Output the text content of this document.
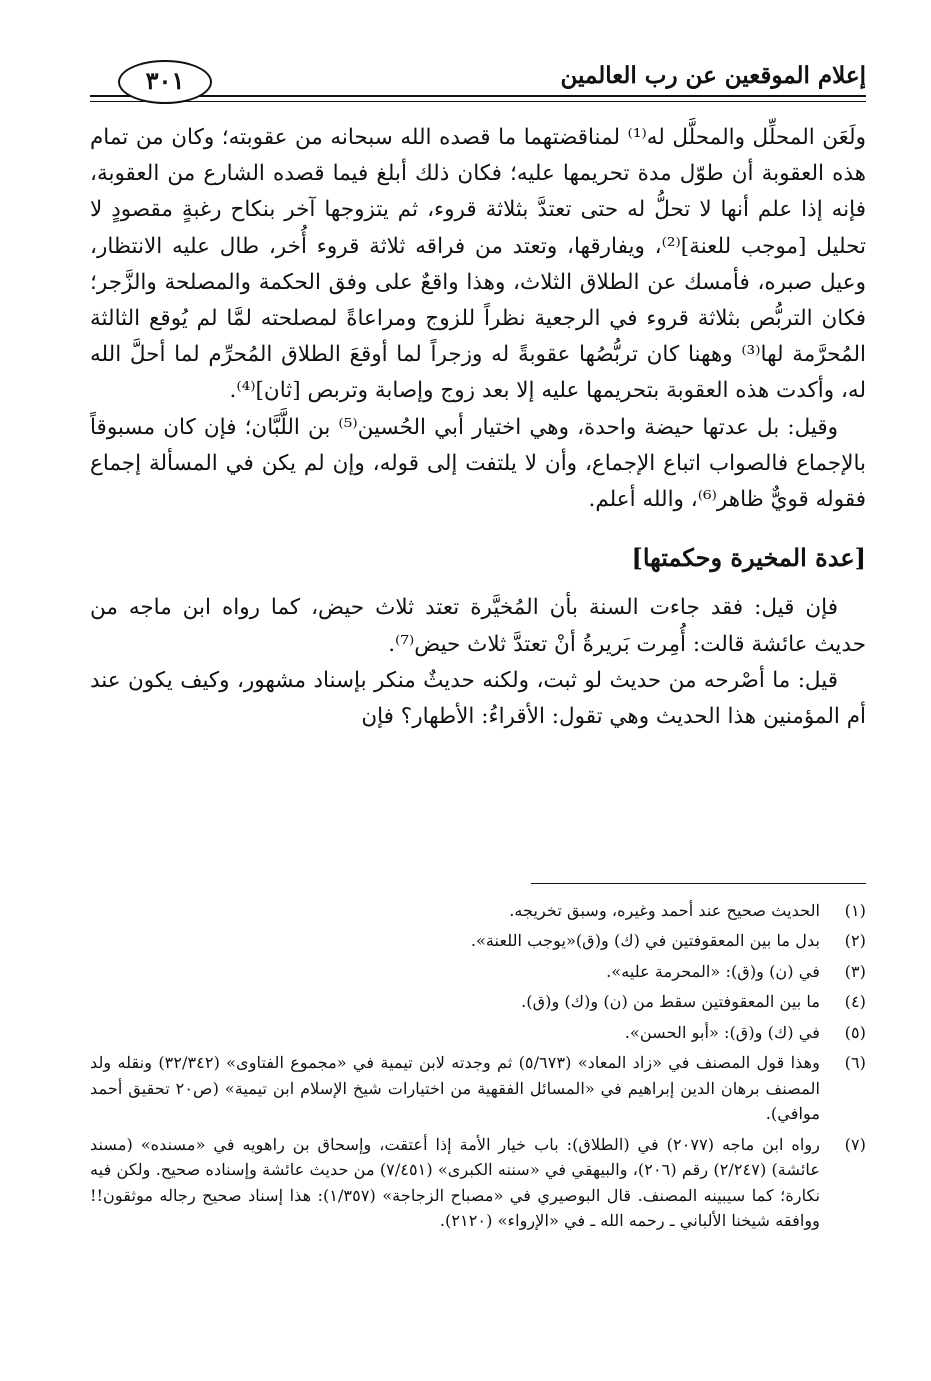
إعلام الموقعين عن رب العالمين
٣٠١

ولَعَن المحلِّل والمحلَّل له⁽¹⁾ لمناقضتهما ما قصده الله سبحانه من عقوبته؛ وكان من تمام هذه العقوبة أن طوّل مدة تحريمها عليه؛ فكان ذلك أبلغ فيما قصده الشارع من العقوبة، فإنه إذا علم أنها لا تحلُّ له حتى تعتدَّ بثلاثة قروء، ثم يتزوجها آخر بنكاح رغبةٍ مقصودٍ لا تحليل [موجب للعنة]⁽²⁾، ويفارقها، وتعتد من فراقه ثلاثة قروء أُخر، طال عليه الانتظار، وعيل صبره، فأمسك عن الطلاق الثلاث، وهذا واقعٌ على وفق الحكمة والمصلحة والزَّجر؛ فكان التربُّص بثلاثة قروء في الرجعية نظراً للزوج ومراعاةً لمصلحته لمَّا لم يُوقع الثالثة المُحرَّمة لها⁽³⁾ وههنا كان تربُّصُها عقوبةً له وزجراً لما أوقعَ الطلاق المُحرِّم لما أحلَّ الله له، وأكدت هذه العقوبة بتحريمها عليه إلا بعد زوج وإصابة وتربص [ثان]⁽⁴⁾.

وقيل: بل عدتها حيضة واحدة، وهي اختيار أبي الحُسين⁽⁵⁾ بن اللَّبَّان؛ فإن كان مسبوقاً بالإجماع فالصواب اتباع الإجماع، وأن لا يلتفت إلى قوله، وإن لم يكن في المسألة إجماع فقوله قويٌّ ظاهر⁽⁶⁾، والله أعلم.

[عدة المخيرة وحكمتها]

فإن قيل: فقد جاءت السنة بأن المُخيَّرة تعتد ثلاث حيض، كما رواه ابن ماجه من حديث عائشة قالت: أُمِرت بَريرةُ أنْ تعتدَّ ثلاث حيض⁽⁷⁾.

قيل: ما أصْرحه من حديث لو ثبت، ولكنه حديثٌ منكر بإسناد مشهور، وكيف يكون عند أم المؤمنين هذا الحديث وهي تقول: الأقراءُ: الأطهار؟ فإن

(١)
الحديث صحيح عند أحمد وغيره، وسبق تخريجه.
(٢)
بدل ما بين المعقوفتين في (ك) و(ق)«يوجب اللعنة».
(٣)
في (ن) و(ق): «المحرمة عليه».
(٤)
ما بين المعقوفتين سقط من (ن) و(ك) و(ق).
(٥)
في (ك) و(ق): «أبو الحسن».
(٦)
وهذا قول المصنف في «زاد المعاد» (٥/٦٧٣) ثم وجدته لابن تيمية في «مجموع الفتاوى» (٣٢/٣٤٢) ونقله ولد المصنف برهان الدين إبراهيم في «المسائل الفقهية من اختيارات شيخ الإسلام ابن تيمية» (ص٢٠ تحقيق أحمد موافي).
(٧)
رواه ابن ماجه (٢٠٧٧) في (الطلاق): باب خيار الأمة إذا أعتقت، وإسحاق بن راهويه في «مسنده» (مسند عائشة) (٢/٢٤٧) رقم (٢٠٦)، والبيهقي في «سننه الكبرى» (٧/٤٥١) من حديث عائشة وإسناده صحيح. ولكن فيه نكارة؛ كما سيبينه المصنف. قال البوصيري في «مصباح الزجاجة» (١/٣٥٧): هذا إسناد صحيح رجاله موثقون!! ووافقه شيخنا الألباني ـ رحمه الله ـ في «الإرواء» (٢١٢٠).
